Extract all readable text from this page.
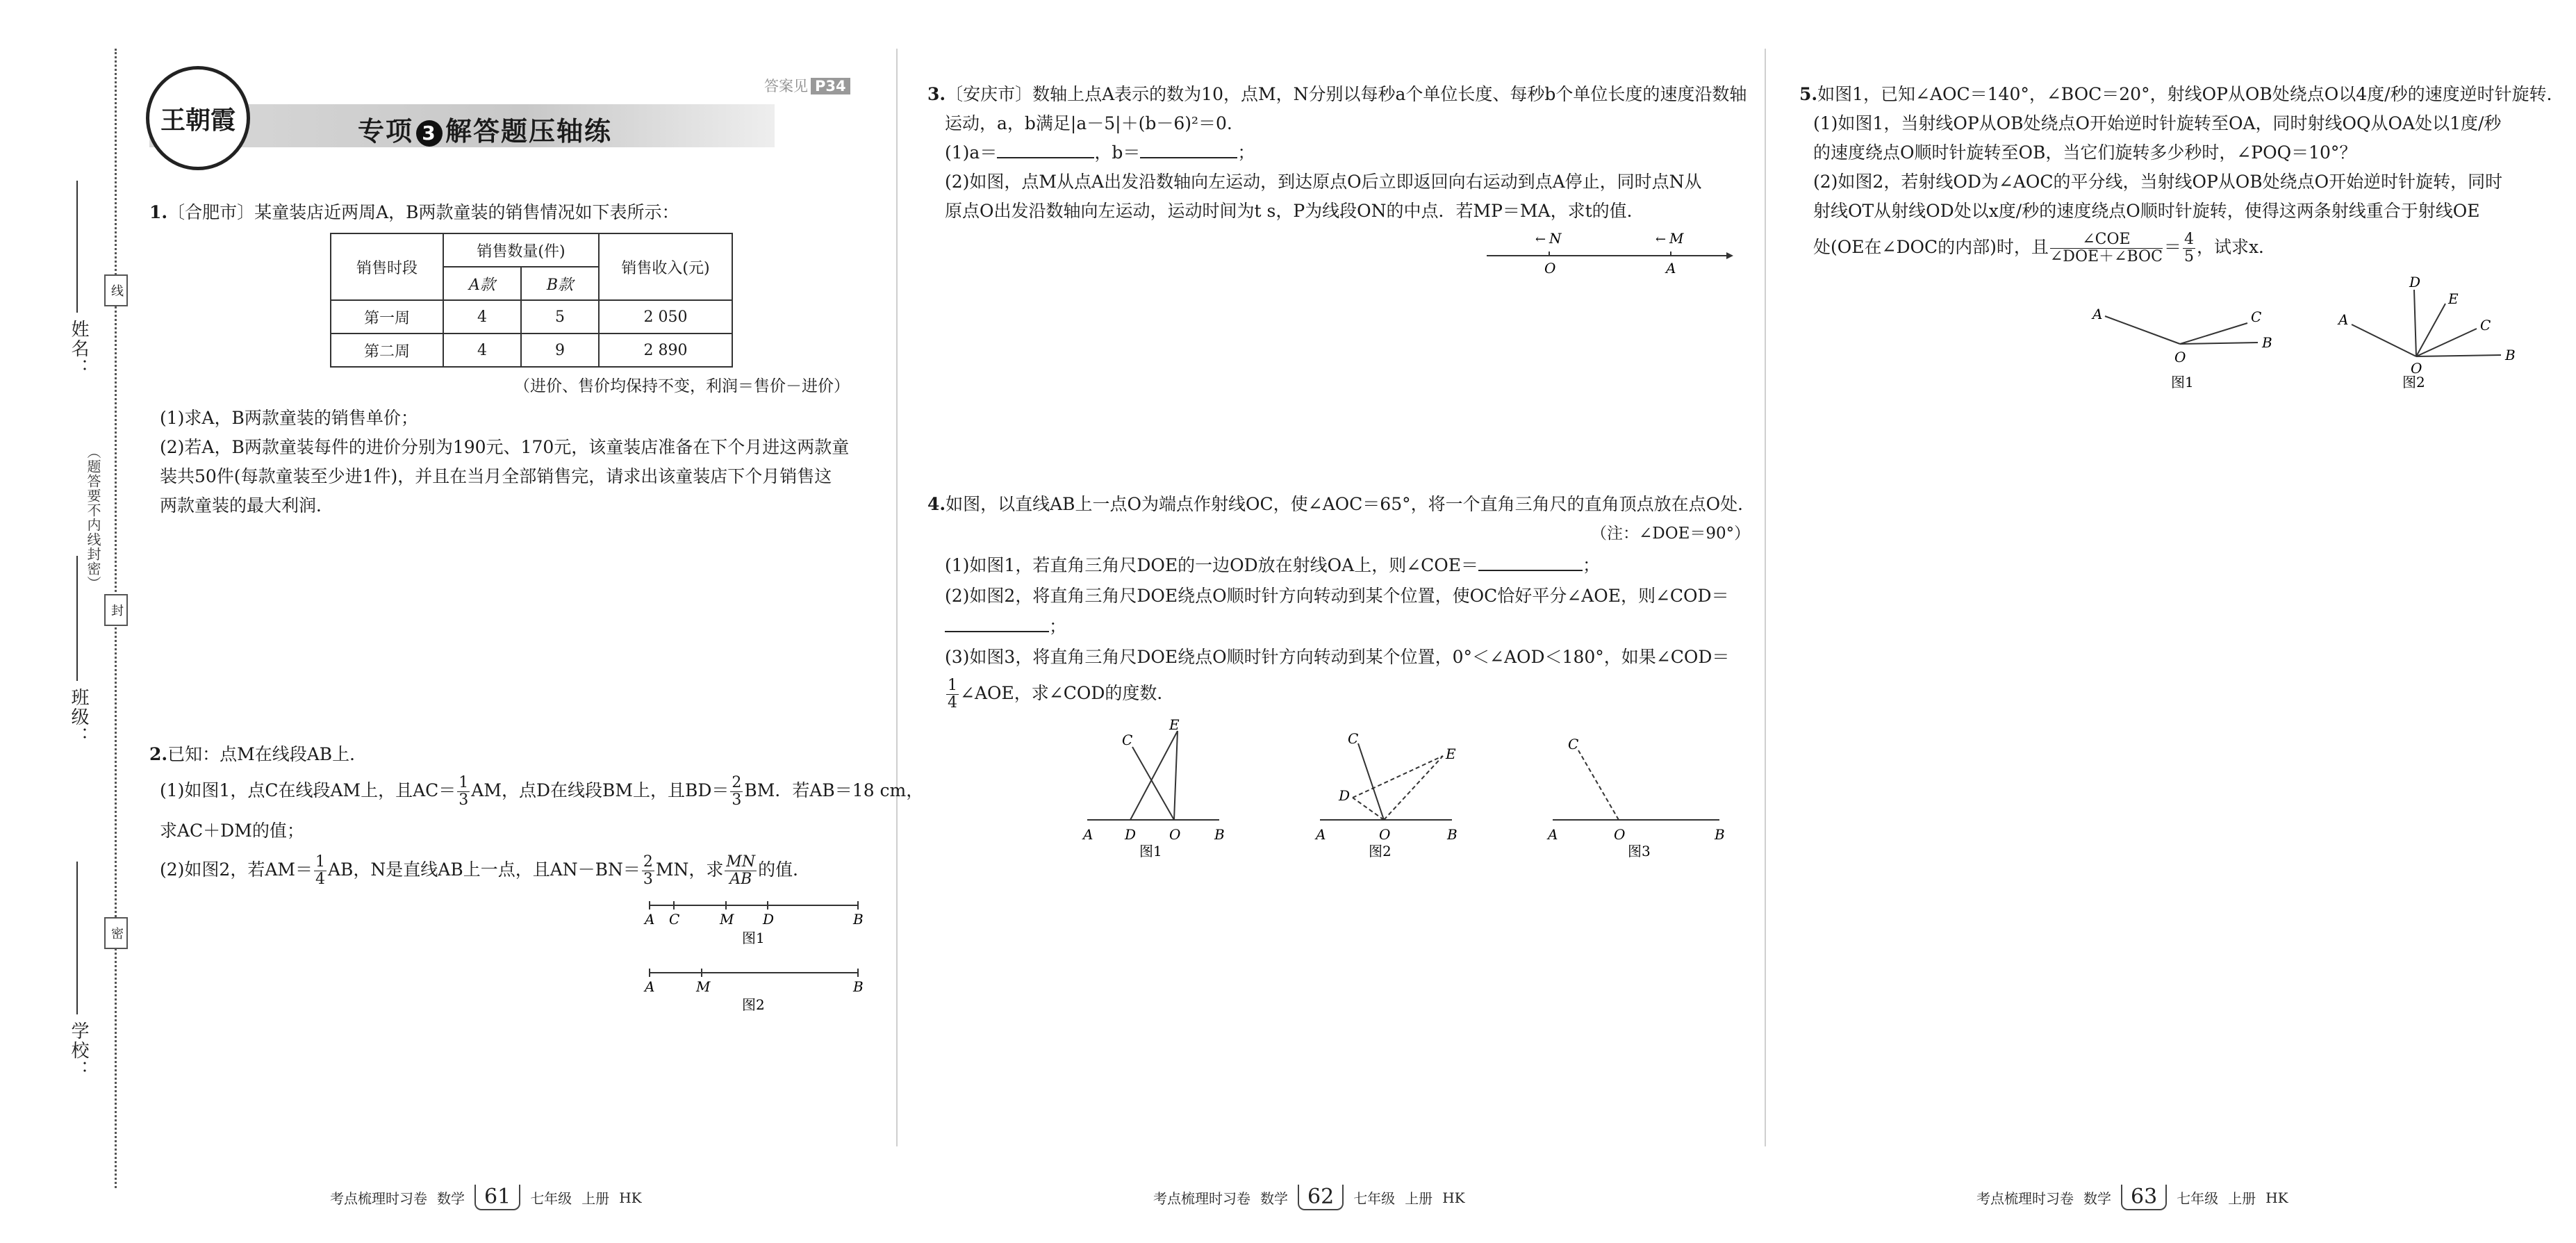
线
封
密
（题答要不内线封密）
姓名：
班级：
学校：
王朝霞	专项 3 解答题压轴练
答案见 P34

1.〔合肥市〕某童装店近两周A，B两款童装的销售情况如下表所示：

销售时段	销售数量(件)		销售收入(元)
	A款	B款	
第一周	4	5	2 050
第二周	4	9	2 890

（进价、售价均保持不变，利润＝售价－进价）

(1)求A，B两款童装的销售单价；

(2)若A，B两款童装每件的进价分别为190元、170元，该童装店准备在下个月进这两款童

装共50件(每款童装至少进1件)，并且在当月全部销售完，请求出该童装店下个月销售这

两款童装的最大利润．

2.已知：点M在线段AB上．

(1)如图1，点C在线段AM上，且$AC= \frac{1}{3}$ AM，点D在线段BM上，且$BD= \frac{2}{3}$ BM．若AB＝18 cm，

求AC＋DM的值；

(2)如图2，若$AM= \frac{1}{4}$ AB，N是直线AB上一点，且$AN-BN= \frac{2}{3}$ MN，求 $\frac{MN}{AB}$ 的值．

A C	M D	B
图1
A	M	B
图2

3.〔安庆市〕数轴上点A表示的数为10，点M，N分别以每秒a个单位长度、每秒b个单位长度的速度沿数轴

运动，a，b满足|a－5|＋(b－6)²＝0.

(1)a＝	，b＝	；

(2)如图，点M从点A出发沿数轴向左运动，到达原点O后立即返回向右运动到点A停止，同时点N从

原点O出发沿数轴向左运动，运动时间为t s，P为线段ON的中点．若MP＝MA，求t的值．

← N	← M
O	A

4.如图，以直线AB上一点O为端点作射线OC，使∠AOC＝65°，将一个直角三角尺的直角顶点放在点O处．

（注：∠DOE＝90°）

(1)如图1，若直角三角尺DOE的一边OD放在射线OA上，则∠COE＝	；

(2)如图2，将直角三角尺DOE绕点O顺时针方向转动到某个位置，使OC恰好平分∠AOE，则∠COD＝

；

(3)如图3，将直角三角尺DOE绕点O顺时针方向转动到某个位置，0°＜∠AOD＜180°，如果∠COD＝

$\frac{1}{4}$ ∠AOE，求∠COD的度数．

C
E
A D O B
图1
C
E
D
A	O	B
图2
C
A	O	B
图3

5.如图1，已知∠AOC＝140°，∠BOC＝20°，射线OP从OB处绕点O以4度/秒的速度逆时针旋转．

(1)如图1，当射线OP从OB处绕点O开始逆时针旋转至OA，同时射线OQ从OA处以1度/秒

的速度绕点O顺时针旋转至OB，当它们旋转多少秒时，∠POQ＝10°？

(2)如图2，若射线OD为∠AOC的平分线，当射线OP从OB处绕点O开始逆时针旋转，同时

射线OT从射线OD处以x度/秒的速度绕点O顺时针旋转，使得这两条射线重合于射线OE

处(OE在∠DOC的内部)时，且 $\frac{\text{∠COE}}{\text{∠DOE＋∠BOC}} = \frac{4}{5}$ ，试求x．

A	C
O
B
图1
D
E
C
A
O
B
图2
考点梳理时习卷 数学 61	七年级 上册 HK	考点梳理时习卷 数学 62	七年级 上册 HK	考点梳理时习卷 数学 63	七年级 上册 HK
